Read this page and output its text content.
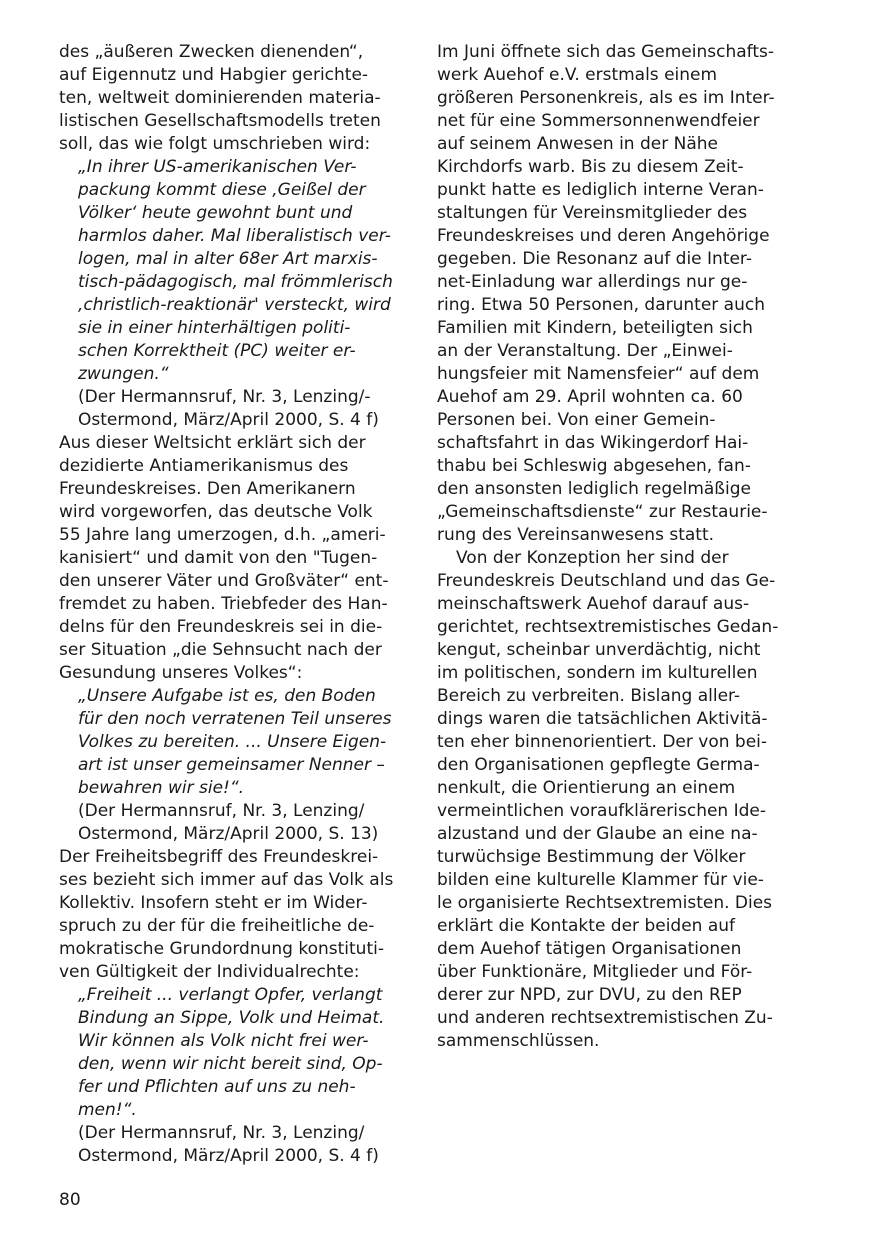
des „äußeren Zwecken dienenden“,
auf Eigennutz und Habgier gerichte-
ten, weltweit dominierenden materia-
listischen Gesellschaftsmodells treten
soll, das wie folgt umschrieben wird:
„In ihrer US-amerikanischen Ver-
packung kommt diese ‚Geißel der
Völker‘ heute gewohnt bunt und
harmlos daher. Mal liberalistisch ver-
logen, mal in alter 68er Art marxis-
tisch-pädagogisch, mal frömmlerisch
‚christlich-reaktionär' versteckt, wird
sie in einer hinterhältigen politi-
schen Korrektheit (PC) weiter er-
zwungen.“
(Der Hermannsruf, Nr. 3, Lenzing/-
Ostermond, März/April 2000, S. 4 f)
Aus dieser Weltsicht erklärt sich der
dezidierte Antiamerikanismus des
Freundeskreises. Den Amerikanern
wird vorgeworfen, das deutsche Volk
55 Jahre lang umerzogen, d.h. „ameri-
kanisiert“ und damit von den "Tugen-
den unserer Väter und Großväter“ ent-
fremdet zu haben. Triebfeder des Han-
delns für den Freundeskreis sei in die-
ser Situation „die Sehnsucht nach der
Gesundung unseres Volkes“:
„Unsere Aufgabe ist es, den Boden
für den noch verratenen Teil unseres
Volkes zu bereiten. ... Unsere Eigen-
art ist unser gemeinsamer Nenner –
bewahren wir sie!“.
(Der Hermannsruf, Nr. 3, Lenzing/
Ostermond, März/April 2000, S. 13)
Der Freiheitsbegriff des Freundeskrei-
ses bezieht sich immer auf das Volk als
Kollektiv. Insofern steht er im Wider-
spruch zu der für die freiheitliche de-
mokratische Grundordnung konstituti-
ven Gültigkeit der Individualrechte:
„Freiheit ... verlangt Opfer, verlangt
Bindung an Sippe, Volk und Heimat.
Wir können als Volk nicht frei wer-
den, wenn wir nicht bereit sind, Op-
fer und Pflichten auf uns zu neh-
men!“.
(Der Hermannsruf, Nr. 3, Lenzing/
Ostermond, März/April 2000, S. 4 f)
Im Juni öffnete sich das Gemeinschafts-
werk Auehof e.V. erstmals einem
größeren Personenkreis, als es im Inter-
net für eine Sommersonnenwendfeier
auf seinem Anwesen in der Nähe
Kirchdorfs warb. Bis zu diesem Zeit-
punkt hatte es lediglich interne Veran-
staltungen für Vereinsmitglieder des
Freundeskreises und deren Angehörige
gegeben. Die Resonanz auf die Inter-
net-Einladung war allerdings nur ge-
ring. Etwa 50 Personen, darunter auch
Familien mit Kindern, beteiligten sich
an der Veranstaltung. Der „Einwei-
hungsfeier mit Namensfeier“ auf dem
Auehof am 29. April wohnten ca. 60
Personen bei. Von einer Gemein-
schaftsfahrt in das Wikingerdorf Hai-
thabu bei Schleswig abgesehen, fan-
den ansonsten lediglich regelmäßige
„Gemeinschaftsdienste“ zur Restaurie-
rung des Vereinsanwesens statt.
Von der Konzeption her sind der
Freundeskreis Deutschland und das Ge-
meinschaftswerk Auehof darauf aus-
gerichtet, rechtsextremistisches Gedan-
kengut, scheinbar unverdächtig, nicht
im politischen, sondern im kulturellen
Bereich zu verbreiten. Bislang aller-
dings waren die tatsächlichen Aktivitä-
ten eher binnenorientiert. Der von bei-
den Organisationen gepflegte Germa-
nenkult, die Orientierung an einem
vermeintlichen voraufklärerischen Ide-
alzustand und der Glaube an eine na-
turwüchsige Bestimmung der Völker
bilden eine kulturelle Klammer für vie-
le organisierte Rechtsextremisten. Dies
erklärt die Kontakte der beiden auf
dem Auehof tätigen Organisationen
über Funktionäre, Mitglieder und För-
derer zur NPD, zur DVU, zu den REP
und anderen rechtsextremistischen Zu-
sammenschlüssen.
80
